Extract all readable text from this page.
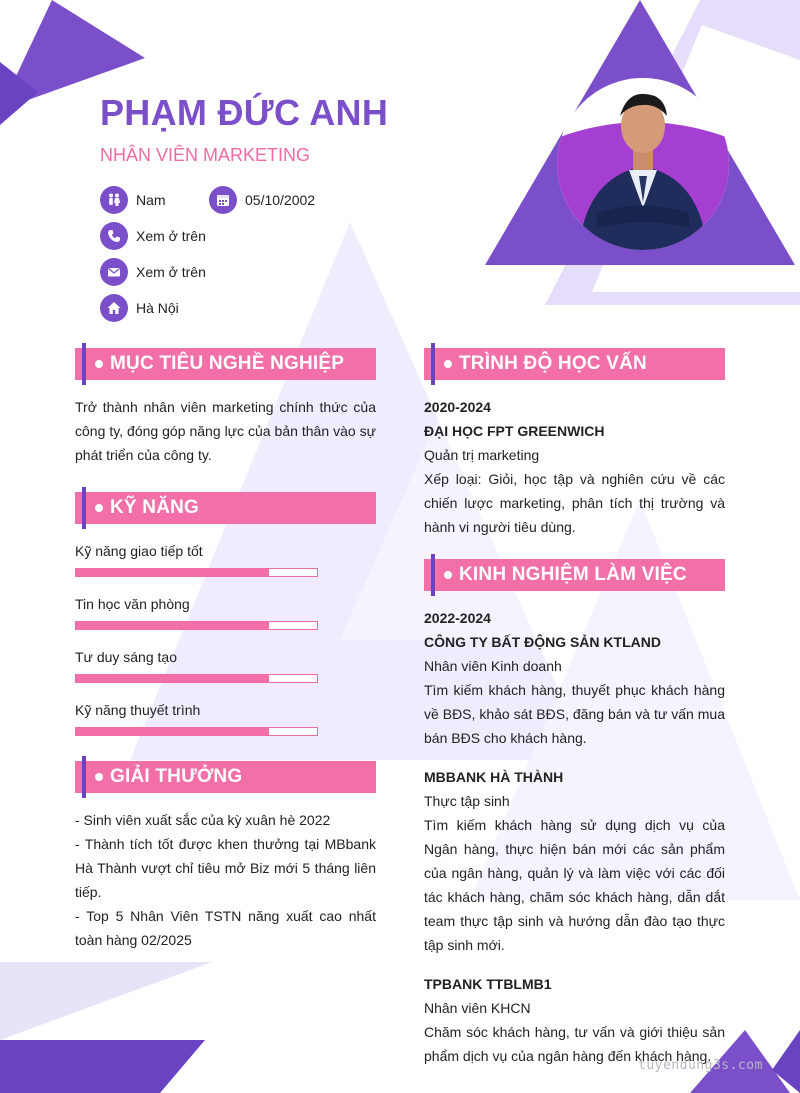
PHẠM ĐỨC ANH
NHÂN VIÊN MARKETING
Nam	05/10/2002
Xem ở trên
Xem ở trên
Hà Nội
MỤC TIÊU NGHỀ NGHIỆP
Trở thành nhân viên marketing chính thức của công ty, đóng góp năng lực của bản thân vào sự phát triển của công ty.
KỸ NĂNG
Kỹ năng giao tiếp tốt
Tin học văn phòng
Tư duy sáng tạo
Kỹ năng thuyết trình
GIẢI THƯỞNG
- Sinh viên xuất sắc của kỳ xuân hè 2022
- Thành tích tốt được khen thưởng tại MBbank Hà Thành vượt chỉ tiêu mở Biz mới 5 tháng liên tiếp.
- Top 5 Nhân Viên TSTN năng xuất cao nhất toàn hàng 02/2025
TRÌNH ĐỘ HỌC VẤN
2020-2024
ĐẠI HỌC FPT GREENWICH
Quản trị marketing
Xếp loại: Giỏi, học tập và nghiên cứu về các chiến lược marketing, phân tích thị trường và hành vi người tiêu dùng.
KINH NGHIỆM LÀM VIỆC
2022-2024
CÔNG TY BẤT ĐỘNG SẢN KTLAND
Nhân viên Kinh doanh
Tìm kiếm khách hàng, thuyết phục khách hàng về BĐS, khảo sát BĐS, đăng bán và tư vấn mua bán BĐS cho khách hàng.
MBBANK HÀ THÀNH
Thực tập sinh
Tìm kiếm khách hàng sử dụng dịch vụ của Ngân hàng, thực hiện bán mới các sản phẩm của ngân hàng, quản lý và làm việc với các đối tác khách hàng, chăm sóc khách hàng, dẫn dắt team thực tập sinh và hướng dẫn đào tạo thực tập sinh mới.
TPBANK TTBLMB1
Nhân viên KHCN
Chăm sóc khách hàng, tư vấn và giới thiệu sản phẩm dịch vụ của ngân hàng đến khách hàng.
tuyendung3s.com
